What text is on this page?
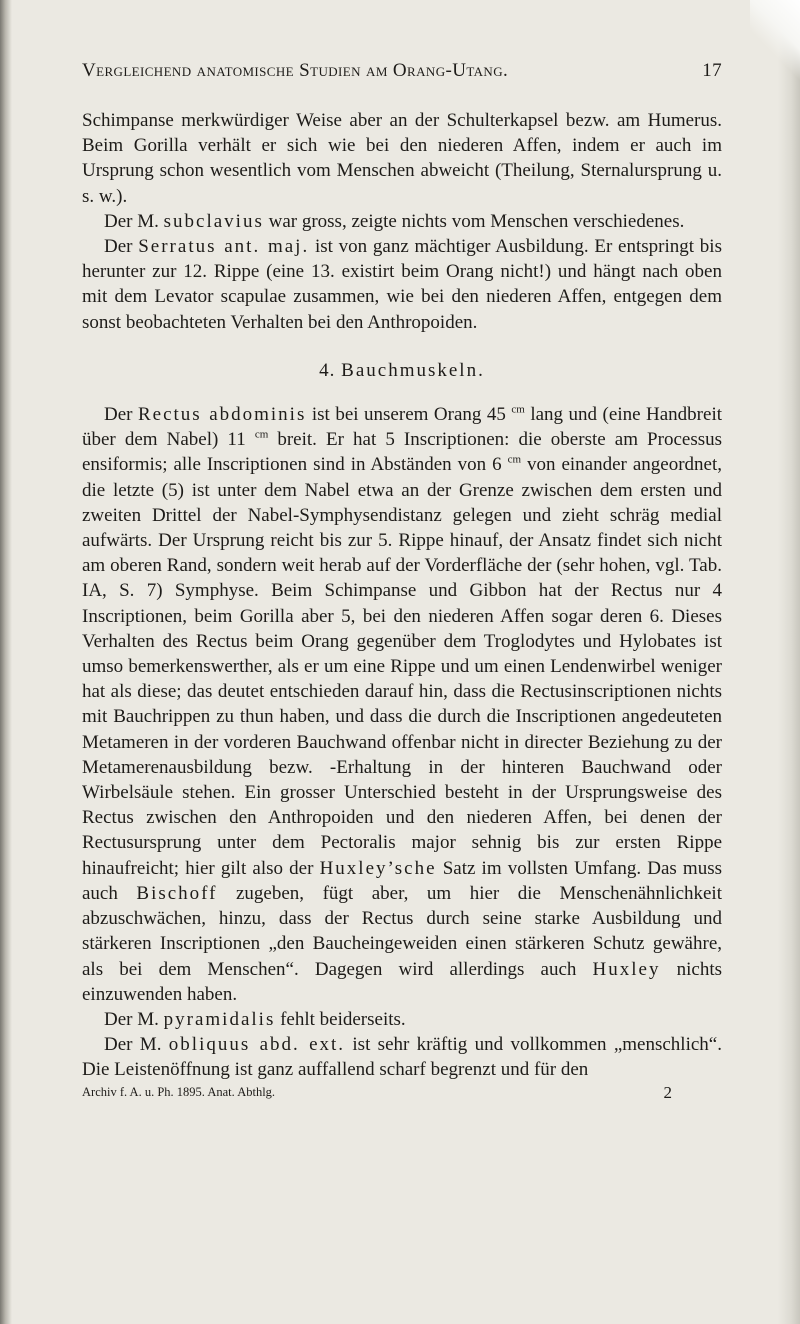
Vergleichend anatomische Studien am Orang-Utang.	17

Schimpanse merkwürdiger Weise aber an der Schulterkapsel bezw. am Humerus. Beim Gorilla verhält er sich wie bei den niederen Affen, indem er auch im Ursprung schon wesentlich vom Menschen abweicht (Theilung, Sternalursprung u. s. w.).

Der M. subclavius war gross, zeigte nichts vom Menschen verschiedenes.

Der Serratus ant. maj. ist von ganz mächtiger Ausbildung. Er entspringt bis herunter zur 12. Rippe (eine 13. existirt beim Orang nicht!) und hängt nach oben mit dem Levator scapulae zusammen, wie bei den niederen Affen, entgegen dem sonst beobachteten Verhalten bei den Anthropoiden.

4. Bauchmuskeln.

Der Rectus abdominis ist bei unserem Orang 45 $^{cm}$ lang und (eine Handbreit über dem Nabel) 11 $^{cm}$ breit. Er hat 5 Inscriptionen: die oberste am Processus ensiformis; alle Inscriptionen sind in Abständen von 6 $^{cm}$ von einander angeordnet, die letzte (5) ist unter dem Nabel etwa an der Grenze zwischen dem ersten und zweiten Drittel der Nabel-Symphysendistanz gelegen und zieht schräg medial aufwärts. Der Ursprung reicht bis zur 5. Rippe hinauf, der Ansatz findet sich nicht am oberen Rand, sondern weit herab auf der Vorderfläche der (sehr hohen, vgl. Tab. IA, S. 7) Symphyse. Beim Schimpanse und Gibbon hat der Rectus nur 4 Inscriptionen, beim Gorilla aber 5, bei den niederen Affen sogar deren 6. Dieses Verhalten des Rectus beim Orang gegenüber dem Troglodytes und Hylobates ist umso bemerkenswerther, als er um eine Rippe und um einen Lendenwirbel weniger hat als diese; das deutet entschieden darauf hin, dass die Rectusinscriptionen nichts mit Bauchrippen zu thun haben, und dass die durch die Inscriptionen angedeuteten Metameren in der vorderen Bauchwand offenbar nicht in directer Beziehung zu der Metamerenausbildung bezw. -Erhaltung in der hinteren Bauchwand oder Wirbelsäule stehen. Ein grosser Unterschied besteht in der Ursprungsweise des Rectus zwischen den Anthropoiden und den niederen Affen, bei denen der Rectusursprung unter dem Pectoralis major sehnig bis zur ersten Rippe hinaufreicht; hier gilt also der Huxley’sche Satz im vollsten Umfang. Das muss auch Bischoff zugeben, fügt aber, um hier die Menschenähnlichkeit abzuschwächen, hinzu, dass der Rectus durch seine starke Ausbildung und stärkeren Inscriptionen „den Baucheingeweiden einen stärkeren Schutz gewähre, als bei dem Menschen“. Dagegen wird allerdings auch Huxley nichts einzuwenden haben.

Der M. pyramidalis fehlt beiderseits.

Der M. obliquus abd. ext. ist sehr kräftig und vollkommen „menschlich“. Die Leistenöffnung ist ganz auffallend scharf begrenzt und für den

Archiv f. A. u. Ph. 1895. Anat. Abthlg.	2
